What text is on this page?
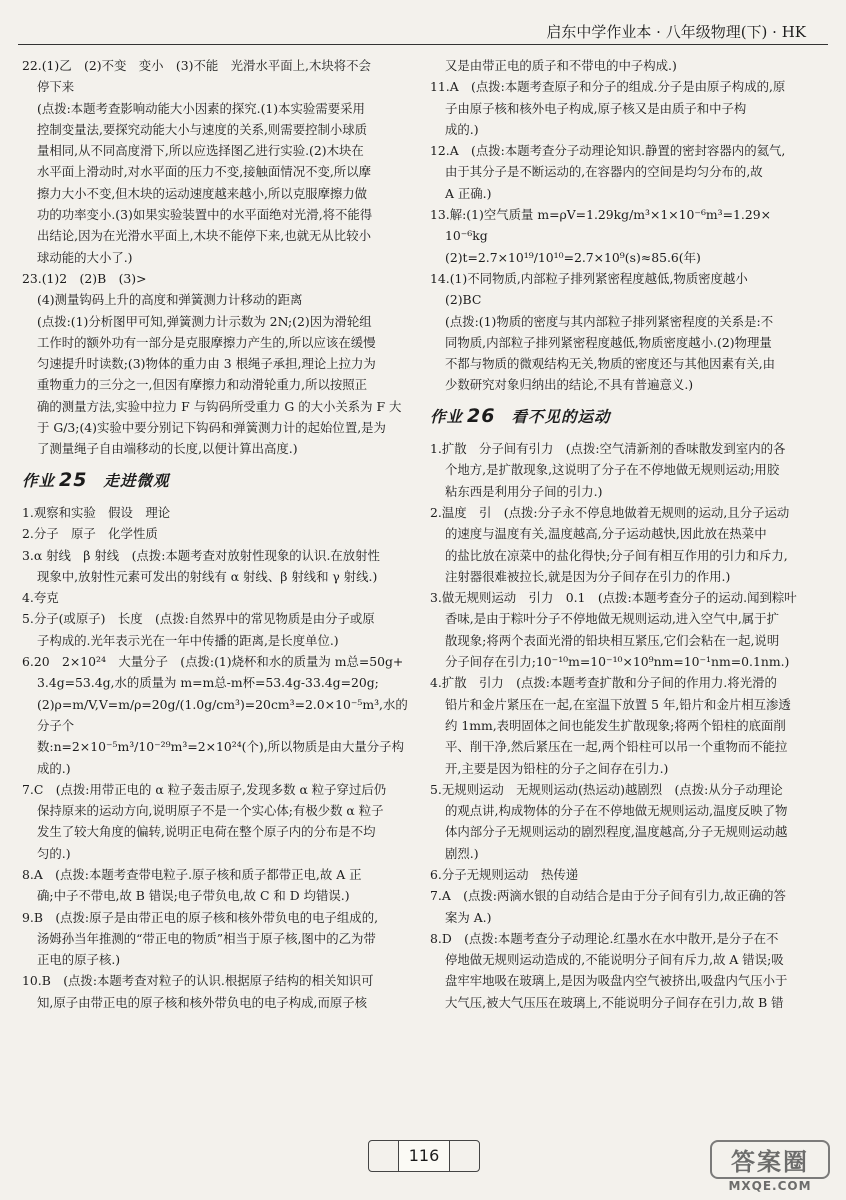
启东中学作业本 · 八年级物理(下) · HK

22.(1)乙　(2)不变　变小　(3)不能　光滑水平面上,木块将不会

停下来

(点拨:本题考查影响动能大小因素的探究.(1)本实验需要采用

控制变量法,要探究动能大小与速度的关系,则需要控制小球质

量相同,从不同高度滑下,所以应选择图乙进行实验.(2)木块在

水平面上滑动时,对水平面的压力不变,接触面情况不变,所以摩

擦力大小不变,但木块的运动速度越来越小,所以克服摩擦力做

功的功率变小.(3)如果实验装置中的水平面绝对光滑,将不能得

出结论,因为在光滑水平面上,木块不能停下来,也就无从比较小

球动能的大小了.)

23.(1)2　(2)B　(3)>

(4)测量钩码上升的高度和弹簧测力计移动的距离

(点拨:(1)分析图甲可知,弹簧测力计示数为 2N;(2)因为滑轮组

工作时的额外功有一部分是克服摩擦力产生的,所以应该在缓慢

匀速提升时读数;(3)物体的重力由 3 根绳子承担,理论上拉力为

重物重力的三分之一,但因有摩擦力和动滑轮重力,所以按照正

确的测量方法,实验中拉力 F 与钩码所受重力 G 的大小关系为 F 大

于 G/3;(4)实验中要分别记下钩码和弹簧测力计的起始位置,是为

了测量绳子自由端移动的长度,以便计算出高度.)

作业 25 走进微观

1.观察和实验　假设　理论

2.分子　原子　化学性质

3.α 射线　β 射线　(点拨:本题考查对放射性现象的认识.在放射性

现象中,放射性元素可发出的射线有 α 射线、β 射线和 γ 射线.)

4.夸克

5.分子(或原子)　长度　(点拨:自然界中的常见物质是由分子或原

子构成的.光年表示光在一年中传播的距离,是长度单位.)

6.20　2×10²⁴　大量分子　(点拨:(1)烧杯和水的质量为 m总=50g+

3.4g=53.4g,水的质量为 m=m总-m杯=53.4g-33.4g=20g;

(2)ρ=m/V,V=m/ρ=20g/(1.0g/cm³)=20cm³=2.0×10⁻⁵m³,水的分子个

数:n=2×10⁻⁵m³/10⁻²⁹m³=2×10²⁴(个),所以物质是由大量分子构成的.)

7.C　(点拨:用带正电的 α 粒子轰击原子,发现多数 α 粒子穿过后仍

保持原来的运动方向,说明原子不是一个实心体;有极少数 α 粒子

发生了较大角度的偏转,说明正电荷在整个原子内的分布是不均

匀的.)

8.A　(点拨:本题考查带电粒子.原子核和质子都带正电,故 A 正

确;中子不带电,故 B 错误;电子带负电,故 C 和 D 均错误.)

9.B　(点拨:原子是由带正电的原子核和核外带负电的电子组成的,

汤姆孙当年推测的“带正电的物质”相当于原子核,图中的乙为带

正电的原子核.)

10.B　(点拨:本题考查对粒子的认识.根据原子结构的相关知识可

知,原子由带正电的原子核和核外带负电的电子构成,而原子核

又是由带正电的质子和不带电的中子构成.)

11.A　(点拨:本题考查原子和分子的组成.分子是由原子构成的,原

子由原子核和核外电子构成,原子核又是由质子和中子构

成的.)

12.A　(点拨:本题考查分子动理论知识.静置的密封容器内的氦气,

由于其分子是不断运动的,在容器内的空间是均匀分布的,故

A 正确.)

13.解:(1)空气质量 m=ρV=1.29kg/m³×1×10⁻⁶m³=1.29×

10⁻⁶kg

(2)t=2.7×10¹⁹/10¹⁰=2.7×10⁹(s)≈85.6(年)

14.(1)不同物质,内部粒子排列紧密程度越低,物质密度越小

(2)BC

(点拨:(1)物质的密度与其内部粒子排列紧密程度的关系是:不

同物质,内部粒子排列紧密程度越低,物质密度越小.(2)物理量

不都与物质的微观结构无关,物质的密度还与其他因素有关,由

少数研究对象归纳出的结论,不具有普遍意义.)

作业 26 看不见的运动

1.扩散　分子间有引力　(点拨:空气清新剂的香味散发到室内的各

个地方,是扩散现象,这说明了分子在不停地做无规则运动;用胶

粘东西是利用分子间的引力.)

2.温度　引　(点拨:分子永不停息地做着无规则的运动,且分子运动

的速度与温度有关,温度越高,分子运动越快,因此放在热菜中

的盐比放在凉菜中的盐化得快;分子间有相互作用的引力和斥力,

注射器很难被拉长,就是因为分子间存在引力的作用.)

3.做无规则运动　引力　0.1　(点拨:本题考查分子的运动.闻到粽叶

香味,是由于粽叶分子不停地做无规则运动,进入空气中,属于扩

散现象;将两个表面光滑的铅块相互紧压,它们会粘在一起,说明

分子间存在引力;10⁻¹⁰m=10⁻¹⁰×10⁹nm=10⁻¹nm=0.1nm.)

4.扩散　引力　(点拨:本题考查扩散和分子间的作用力.将光滑的

铅片和金片紧压在一起,在室温下放置 5 年,铅片和金片相互渗透

约 1mm,表明固体之间也能发生扩散现象;将两个铅柱的底面削

平、削干净,然后紧压在一起,两个铅柱可以吊一个重物而不能拉

开,主要是因为铅柱的分子之间存在引力.)

5.无规则运动　无规则运动(热运动)越剧烈　(点拨:从分子动理论

的观点讲,构成物体的分子在不停地做无规则运动,温度反映了物

体内部分子无规则运动的剧烈程度,温度越高,分子无规则运动越

剧烈.)

6.分子无规则运动　热传递

7.A　(点拨:两滴水银的自动结合是由于分子间有引力,故正确的答

案为 A.)

8.D　(点拨:本题考查分子动理论.红墨水在水中散开,是分子在不

停地做无规则运动造成的,不能说明分子间有斥力,故 A 错误;吸

盘牢牢地吸在玻璃上,是因为吸盘内空气被挤出,吸盘内气压小于

大气压,被大气压压在玻璃上,不能说明分子间存在引力,故 B 错

116	答案圈
MXQE.COM
